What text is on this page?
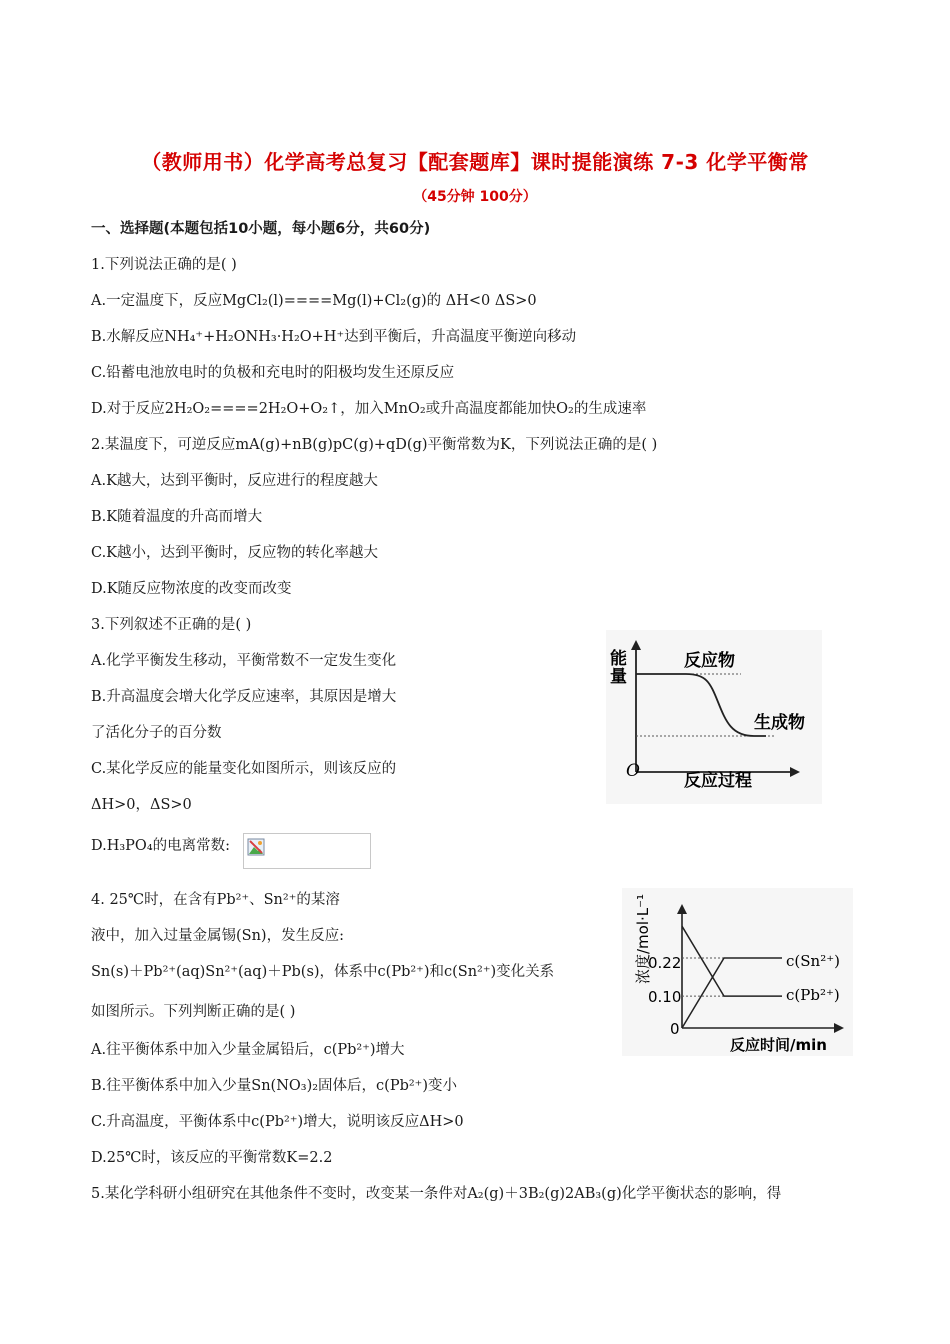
（教师用书）化学高考总复习【配套题库】课时提能演练 7-3 化学平衡常
（45分钟 100分）
一、选择题(本题包括10小题，每小题6分，共60分)
1.下列说法正确的是( )
A.一定温度下，反应MgCl₂(l)====Mg(l)+Cl₂(g)的 ΔH<0 ΔS>0
B.水解反应NH₄⁺+H₂ONH₃·H₂O+H⁺达到平衡后，升高温度平衡逆向移动
C.铅蓄电池放电时的负极和充电时的阳极均发生还原反应
D.对于反应2H₂O₂====2H₂O+O₂↑，加入MnO₂或升高温度都能加快O₂的生成速率
2.某温度下，可逆反应mA(g)+nB(g)pC(g)+qD(g)平衡常数为K，下列说法正确的是( )
A.K越大，达到平衡时，反应进行的程度越大
B.K随着温度的升高而增大
C.K越小，达到平衡时，反应物的转化率越大
D.K随反应物浓度的改变而改变
3.下列叙述不正确的是( )
A.化学平衡发生移动，平衡常数不一定发生变化
B.升高温度会增大化学反应速率，其原因是增大
了活化分子的百分数
C.某化学反应的能量变化如图所示，则该反应的
ΔH>0，ΔS>0
D.H₃PO₄的电离常数:
4. 25℃时，在含有Pb²⁺、Sn²⁺的某溶
液中，加入过量金属锡(Sn)，发生反应:
Sn(s)＋Pb²⁺(aq)Sn²⁺(aq)＋Pb(s)，体系中c(Pb²⁺)和c(Sn²⁺)变化关系
如图所示。下列判断正确的是( )
A.往平衡体系中加入少量金属铅后，c(Pb²⁺)增大
B.往平衡体系中加入少量Sn(NO₃)₂固体后，c(Pb²⁺)变小
C.升高温度，平衡体系中c(Pb²⁺)增大，说明该反应ΔH>0
D.25℃时，该反应的平衡常数K=2.2
5.某化学科研小组研究在其他条件不变时，改变某一条件对A₂(g)＋3B₂(g)2AB₃(g)化学平衡状态的影响，得
能
量
反应物
生成物
O	反应过程
浓度/mol·L⁻¹
0.22
0.10
0
c(Sn²⁺)
c(Pb²⁺)
反应时间/min
